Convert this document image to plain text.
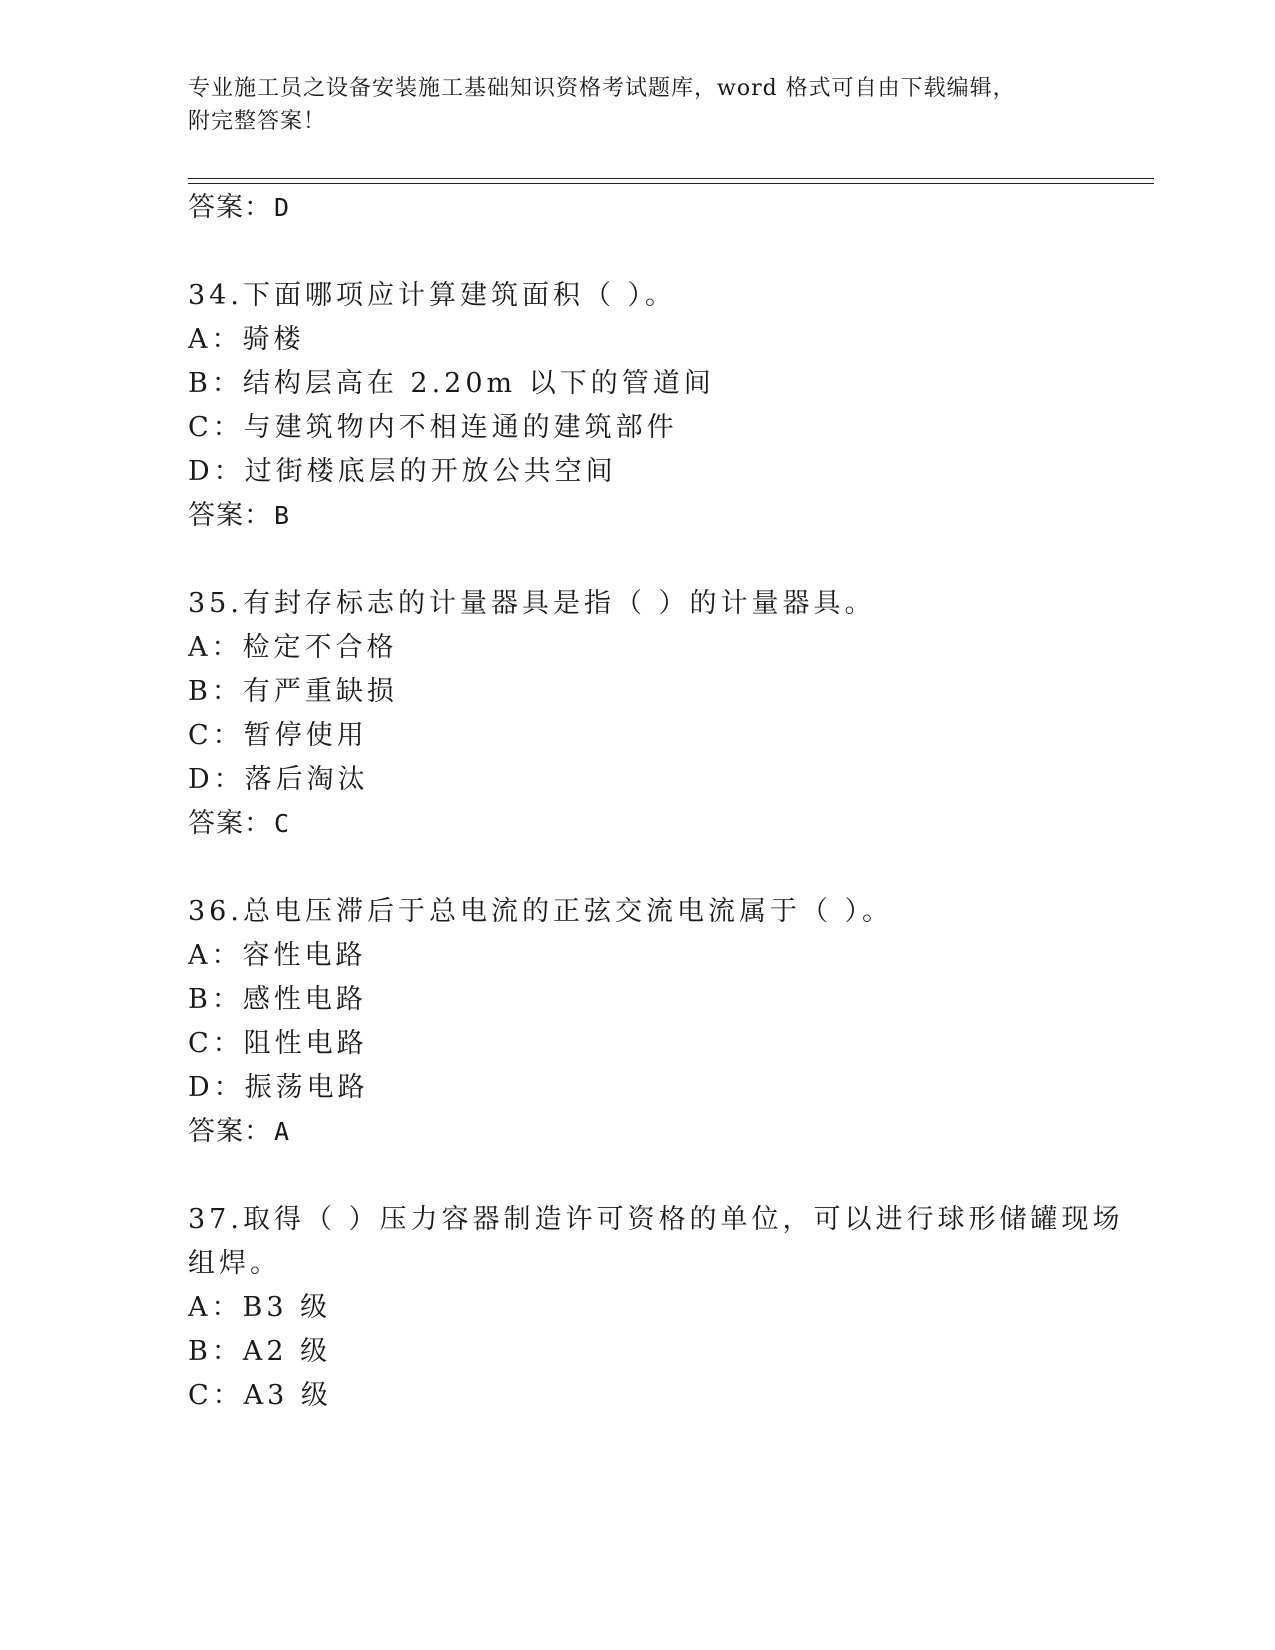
专业施工员之设备安装施工基础知识资格考试题库，word 格式可自由下载编辑，
附完整答案！
答案：D
34.下面哪项应计算建筑面积（ ）。
A：骑楼
B：结构层高在 2.20m 以下的管道间
C：与建筑物内不相连通的建筑部件
D：过街楼底层的开放公共空间
答案：B
35.有封存标志的计量器具是指（ ）的计量器具。
A：检定不合格
B：有严重缺损
C：暂停使用
D：落后淘汰
答案：C
36.总电压滞后于总电流的正弦交流电流属于（ ）。
A：容性电路
B：感性电路
C：阻性电路
D：振荡电路
答案：A
37.取得（ ）压力容器制造许可资格的单位，可以进行球形储罐现场
组焊。
A：B3 级
B：A2 级
C：A3 级
